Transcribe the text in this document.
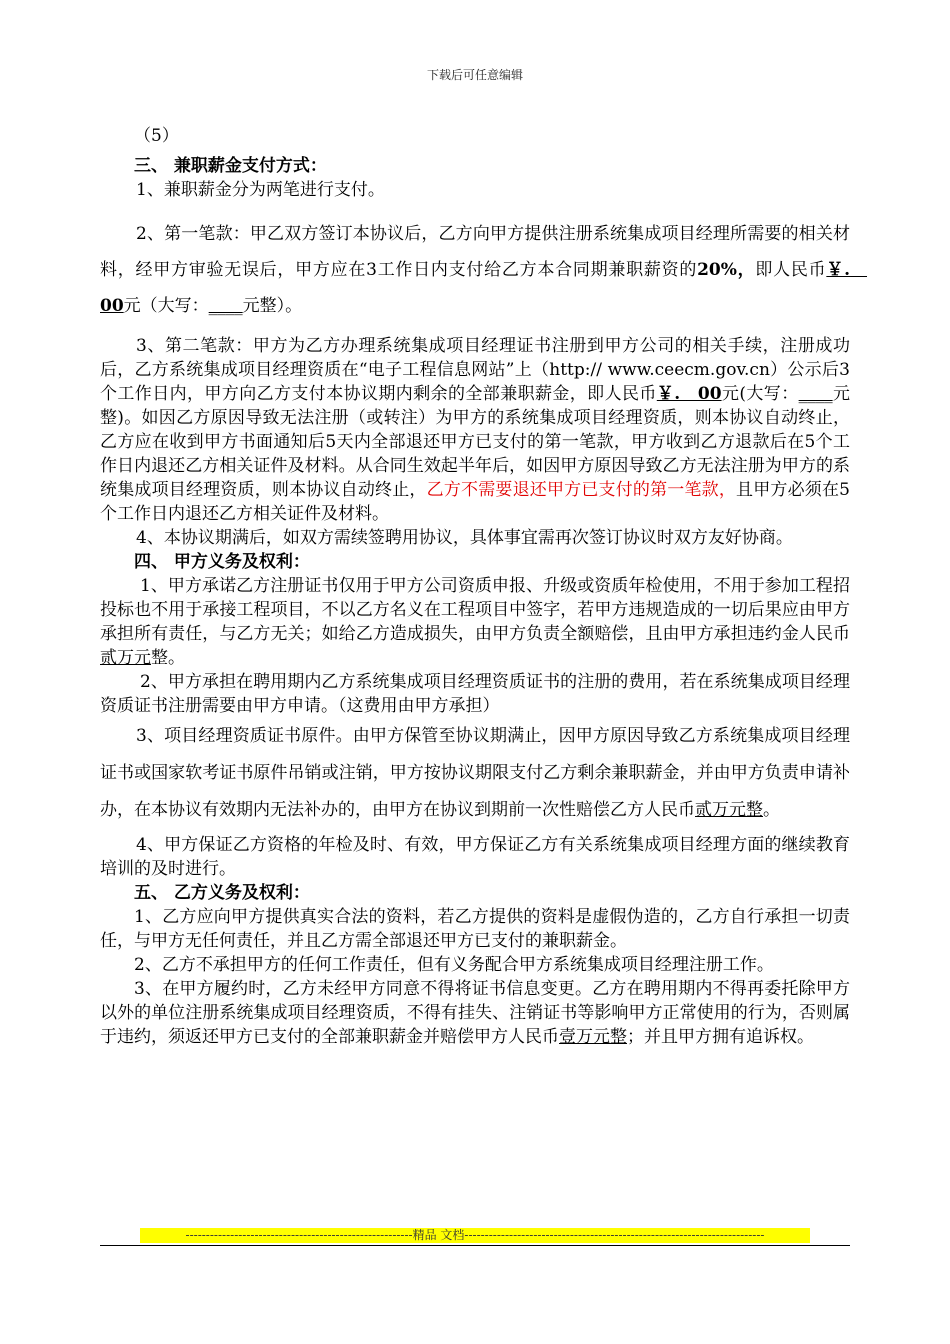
下载后可任意编辑

（5）

三、 兼职薪金支付方式：

1、兼职薪金分为两笔进行支付。

2、第一笔款：甲乙双方签订本协议后，乙方向甲方提供注册系统集成项目经理所需要的相关材料，经甲方审验无误后，甲方应在3工作日内支付给乙方本合同期兼职薪资的20%，即人民币￥.　00元（大写：____元整）。

3、第二笔款：甲方为乙方办理系统集成项目经理证书注册到甲方公司的相关手续，注册成功后，乙方系统集成项目经理资质在“电子工程信息网站”上（http:// www.ceecm.gov.cn）公示后3个工作日内，甲方向乙方支付本协议期内剩余的全部兼职薪金，即人民币￥.　00元(大写：____元整)。如因乙方原因导致无法注册（或转注）为甲方的系统集成项目经理资质，则本协议自动终止，乙方应在收到甲方书面通知后5天内全部退还甲方已支付的第一笔款，甲方收到乙方退款后在5个工作日内退还乙方相关证件及材料。从合同生效起半年后，如因甲方原因导致乙方无法注册为甲方的系统集成项目经理资质，则本协议自动终止，乙方不需要退还甲方已支付的第一笔款，且甲方必须在5个工作日内退还乙方相关证件及材料。

4、本协议期满后，如双方需续签聘用协议，具体事宜需再次签订协议时双方友好协商。

四、 甲方义务及权利：

1、甲方承诺乙方注册证书仅用于甲方公司资质申报、升级或资质年检使用，不用于参加工程招投标也不用于承接工程项目，不以乙方名义在工程项目中签字，若甲方违规造成的一切后果应由甲方承担所有责任，与乙方无关；如给乙方造成损失，由甲方负责全额赔偿，且由甲方承担违约金人民币贰万元整。

2、甲方承担在聘用期内乙方系统集成项目经理资质证书的注册的费用，若在系统集成项目经理资质证书注册需要由甲方申请。（这费用由甲方承担）

3、项目经理资质证书原件。由甲方保管至协议期满止，因甲方原因导致乙方系统集成项目经理证书或国家软考证书原件吊销或注销，甲方按协议期限支付乙方剩余兼职薪金，并由甲方负责申请补办，在本协议有效期内无法补办的，由甲方在协议到期前一次性赔偿乙方人民币贰万元整。

4、甲方保证乙方资格的年检及时、有效，甲方保证乙方有关系统集成项目经理方面的继续教育培训的及时进行。

五、 乙方义务及权利：

1、乙方应向甲方提供真实合法的资料，若乙方提供的资料是虚假伪造的，乙方自行承担一切责任，与甲方无任何责任，并且乙方需全部退还甲方已支付的兼职薪金。

2、乙方不承担甲方的任何工作责任，但有义务配合甲方系统集成项目经理注册工作。

3、在甲方履约时，乙方未经甲方同意不得将证书信息变更。乙方在聘用期内不得再委托除甲方以外的单位注册系统集成项目经理资质，不得有挂失、注销证书等影响甲方正常使用的行为，否则属于违约，须返还甲方已支付的全部兼职薪金并赔偿甲方人民币壹万元整；并且甲方拥有追诉权。

--------------------------------------------------------精品 文档--------------------------------------------------------------------------
